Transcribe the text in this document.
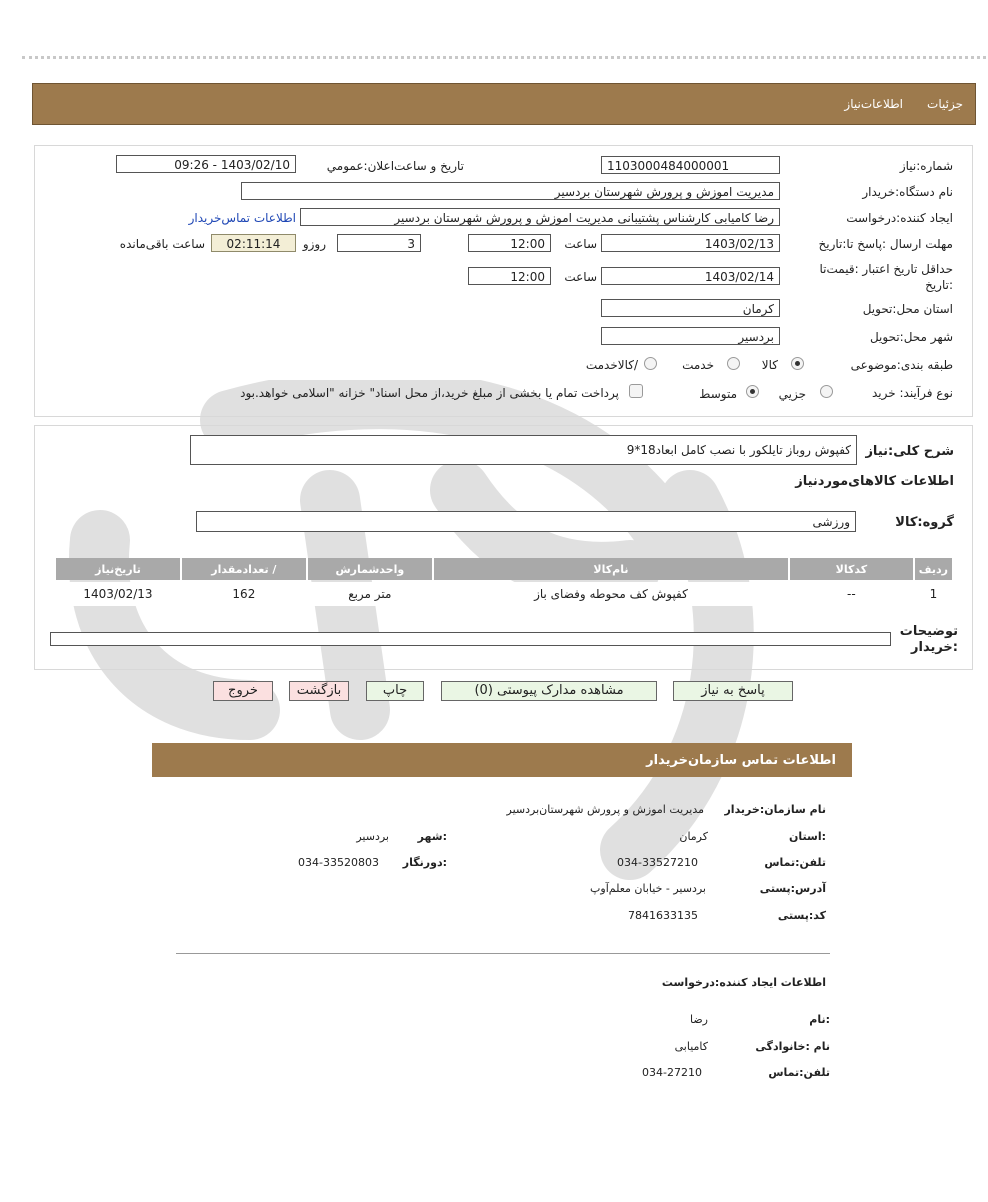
جزئیات
اطلاعات‌نیاز
شماره:نیاز
1103000484000001
تاریخ و ساعت‌اعلان:عمومي
1403/02/10 - 09:26
نام دستگاه:خریدار
مدیریت اموزش و پرورش شهرستان بردسیر
ایجاد کننده:درخواست
رضا کامیابی کارشناس پشتیبانی مدیریت اموزش و پرورش شهرستان بردسیر
اطلاعات تماس‌خریدار
مهلت ارسال :پاسخ تا:تاریخ
1403/02/13
ساعت
12:00
3
روزو
02:11:14
ساعت باقی‌مانده
حداقل تاریخ اعتبار :قیمت‌تا :تاریخ
1403/02/14
ساعت
12:00
استان محل:تحویل
کرمان
شهر محل:تحویل
بردسیر
طبقه بندی:موضوعی
کالا
خدمت
/کالاخدمت
نوع فرآیند: خرید
جزيي
متوسط
پرداخت تمام یا بخشی از مبلغ خرید،از محل اسناد" خزانه "اسلامی خواهد.بود
شرح کلی:نیاز
کفپوش روباز تایلکور با نصب کامل ابعاد18*9
اطلاعات کالاهای‌موردنیاز
گروه:کالا
ورزشی
ردیف	کدکالا	نام‌کالا	واحدشمارش	/ تعدادمقدار	تاریخ‌نیاز
1	--	کفپوش کف محوطه وفضای باز	متر مربع	162	1403/02/13
توضیحات :خریدار
پاسخ به نیاز
مشاهده مدارک پیوستی (0)
چاپ
بازگشت
خروج
اطلاعات تماس سازمان‌خریدار
نام سازمان:خریدار
مدیریت اموزش و پرورش شهرستان‌بردسیر
:استان
کرمان
:شهر
بردسیر
تلفن:تماس
034-33527210
:دورنگار
034-33520803
آدرس:پستی
بردسیر - خیابان معلم‌آوپ
کد:پستی
7841633135
اطلاعات ایجاد کننده:درخواست
:نام
رضا
نام :خانوادگی
کامیابی
تلفن:تماس
034-27210
